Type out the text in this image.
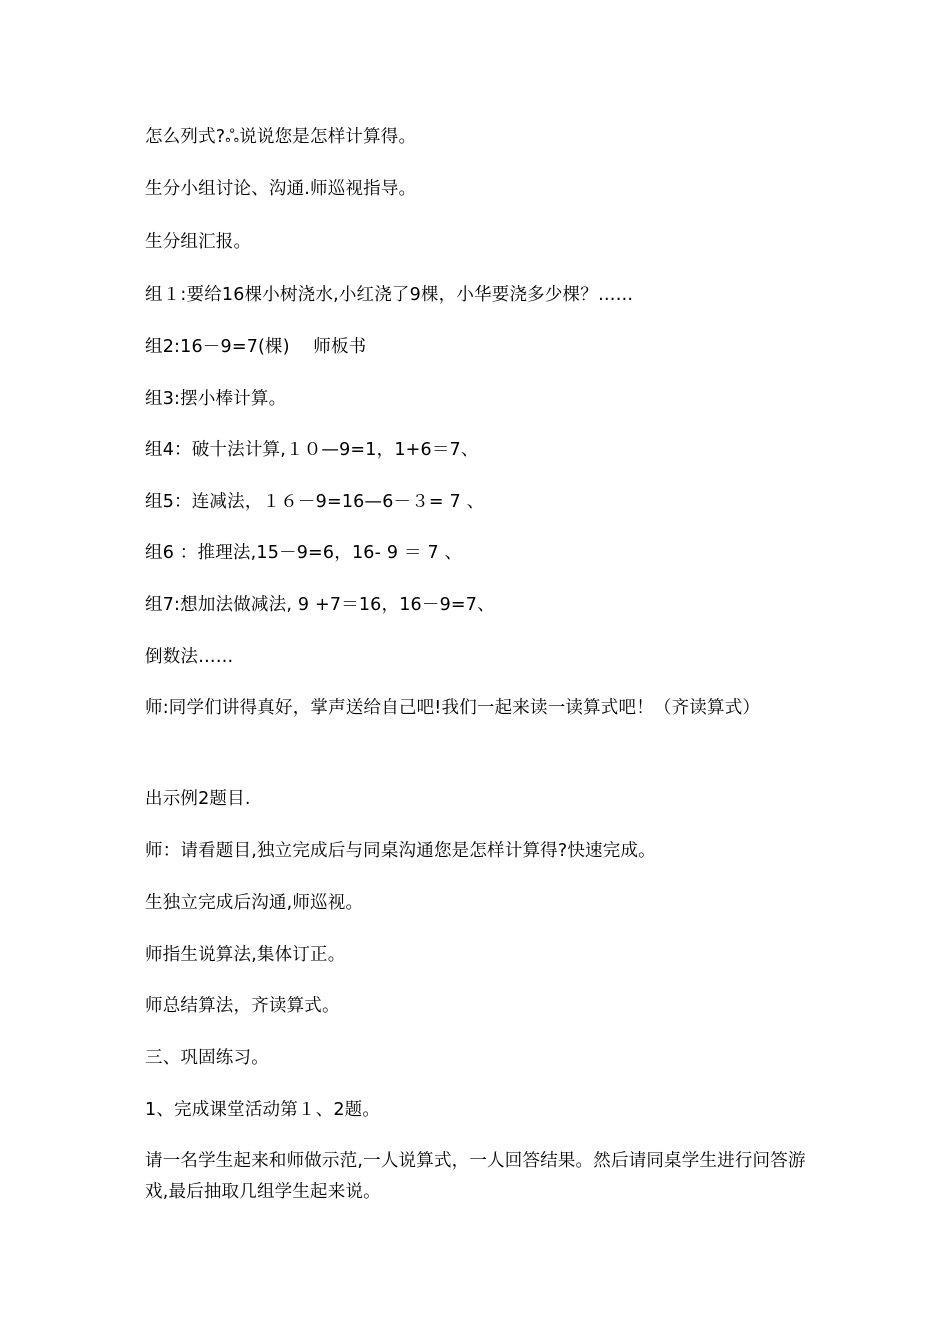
怎么列式?ஃ说说您是怎样计算得。
生分小组讨论、沟通.师巡视指导。
生分组汇报。
组１:要给16棵小树浇水,小红浇了9棵，小华要浇多少棵？……
组2:16－9=7(棵)　 师板书
组3:摆小棒计算。
组4：破十法计算,１０—9=1，1+6＝7、
组5：连减法，１６－9=16—6－３= 7 、
组6 ：推理法,15－9=6，16- 9 ＝ 7 、
组7:想加法做减法, 9 +7＝16，16－9=7、
倒数法……
师:同学们讲得真好，掌声送给自己吧!我们一起来读一读算式吧！（齐读算式）
出示例2题目.
师：请看题目,独立完成后与同桌沟通您是怎样计算得?快速完成。
生独立完成后沟通,师巡视。
师指生说算法,集体订正。
师总结算法，齐读算式。
三、巩固练习。
1、完成课堂活动第１、2题。
请一名学生起来和师做示范,一人说算式，一人回答结果。然后请同桌学生进行问答游戏,最后抽取几组学生起来说。
